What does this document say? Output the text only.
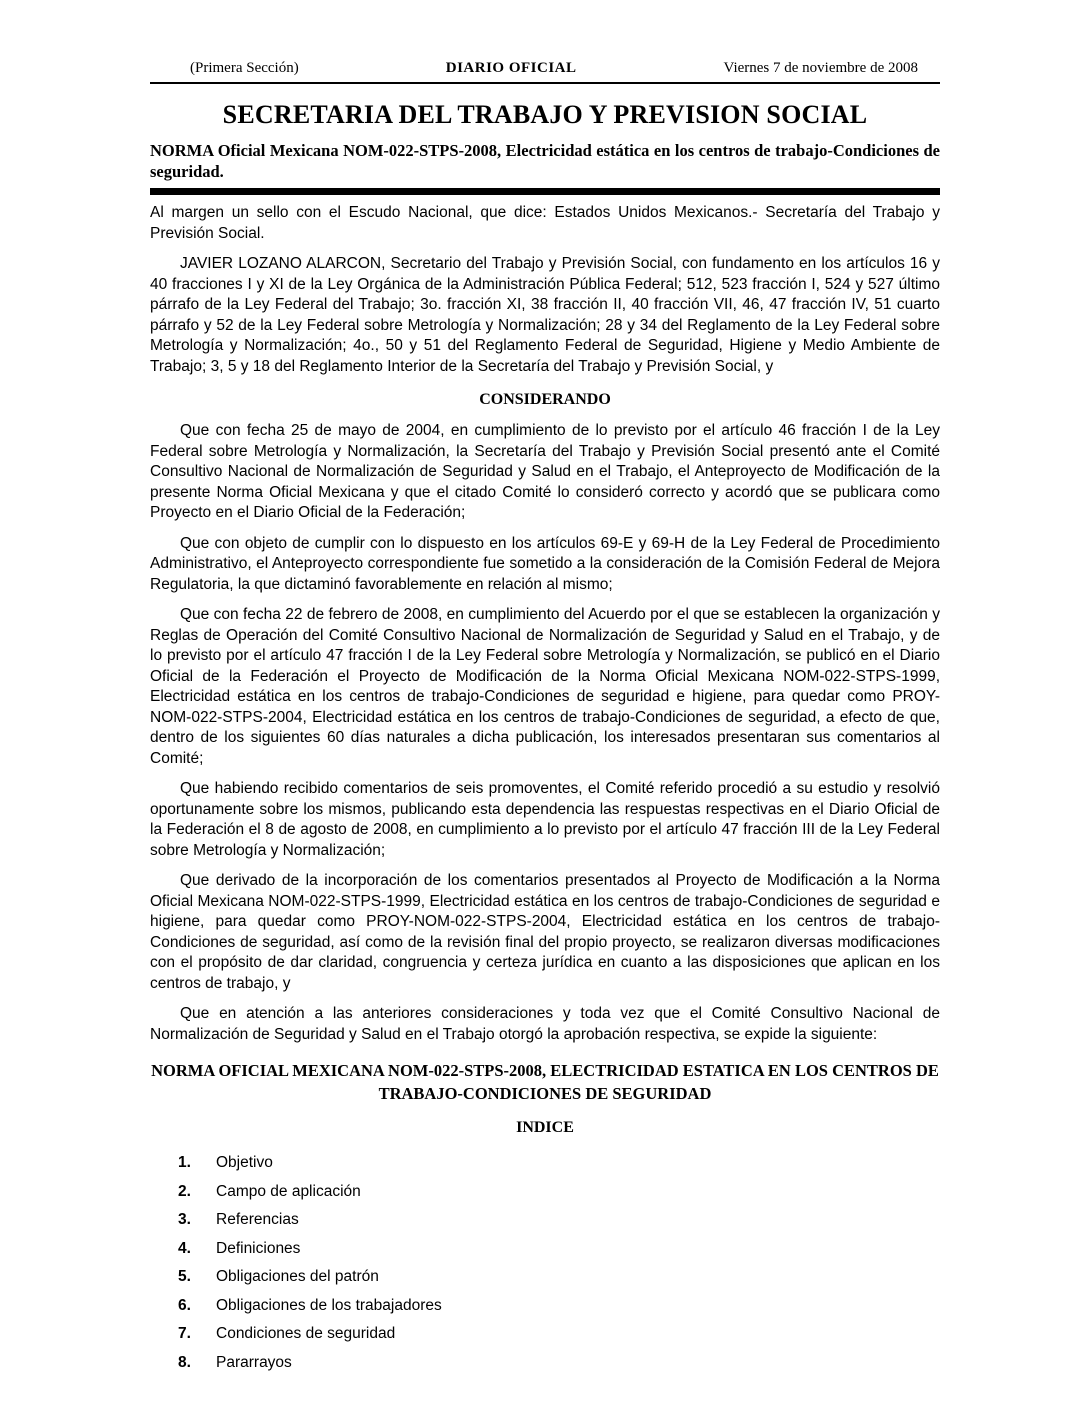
(Primera Sección)	DIARIO OFICIAL	Viernes 7 de noviembre de 2008
SECRETARIA DEL TRABAJO Y PREVISION SOCIAL

NORMA Oficial Mexicana NOM-022-STPS-2008, Electricidad estática en los centros de trabajo-Condiciones de seguridad.

Al margen un sello con el Escudo Nacional, que dice: Estados Unidos Mexicanos.- Secretaría del Trabajo y Previsión Social.

JAVIER LOZANO ALARCON, Secretario del Trabajo y Previsión Social, con fundamento en los artículos 16 y 40 fracciones I y XI de la Ley Orgánica de la Administración Pública Federal; 512, 523 fracción I, 524 y 527 último párrafo de la Ley Federal del Trabajo; 3o. fracción XI, 38 fracción II, 40 fracción VII, 46, 47 fracción IV, 51 cuarto párrafo y 52 de la Ley Federal sobre Metrología y Normalización; 28 y 34 del Reglamento de la Ley Federal sobre Metrología y Normalización; 4o., 50 y 51 del Reglamento Federal de Seguridad, Higiene y Medio Ambiente de Trabajo; 3, 5 y 18 del Reglamento Interior de la Secretaría del Trabajo y Previsión Social, y

CONSIDERANDO

Que con fecha 25 de mayo de 2004, en cumplimiento de lo previsto por el artículo 46 fracción I de la Ley Federal sobre Metrología y Normalización, la Secretaría del Trabajo y Previsión Social presentó ante el Comité Consultivo Nacional de Normalización de Seguridad y Salud en el Trabajo, el Anteproyecto de Modificación de la presente Norma Oficial Mexicana y que el citado Comité lo consideró correcto y acordó que se publicara como Proyecto en el Diario Oficial de la Federación;

Que con objeto de cumplir con lo dispuesto en los artículos 69-E y 69-H de la Ley Federal de Procedimiento Administrativo, el Anteproyecto correspondiente fue sometido a la consideración de la Comisión Federal de Mejora Regulatoria, la que dictaminó favorablemente en relación al mismo;

Que con fecha 22 de febrero de 2008, en cumplimiento del Acuerdo por el que se establecen la organización y Reglas de Operación del Comité Consultivo Nacional de Normalización de Seguridad y Salud en el Trabajo, y de lo previsto por el artículo 47 fracción I de la Ley Federal sobre Metrología y Normalización, se publicó en el Diario Oficial de la Federación el Proyecto de Modificación de la Norma Oficial Mexicana NOM-022-STPS-1999, Electricidad estática en los centros de trabajo-Condiciones de seguridad e higiene, para quedar como PROY-NOM-022-STPS-2004, Electricidad estática en los centros de trabajo-Condiciones de seguridad, a efecto de que, dentro de los siguientes 60 días naturales a dicha publicación, los interesados presentaran sus comentarios al Comité;

Que habiendo recibido comentarios de seis promoventes, el Comité referido procedió a su estudio y resolvió oportunamente sobre los mismos, publicando esta dependencia las respuestas respectivas en el Diario Oficial de la Federación el 8 de agosto de 2008, en cumplimiento a lo previsto por el artículo 47 fracción III de la Ley Federal sobre Metrología y Normalización;

Que derivado de la incorporación de los comentarios presentados al Proyecto de Modificación a la Norma Oficial Mexicana NOM-022-STPS-1999, Electricidad estática en los centros de trabajo-Condiciones de seguridad e higiene, para quedar como PROY-NOM-022-STPS-2004, Electricidad estática en los centros de trabajo-Condiciones de seguridad, así como de la revisión final del propio proyecto, se realizaron diversas modificaciones con el propósito de dar claridad, congruencia y certeza jurídica en cuanto a las disposiciones que aplican en los centros de trabajo, y

Que en atención a las anteriores consideraciones y toda vez que el Comité Consultivo Nacional de Normalización de Seguridad y Salud en el Trabajo otorgó la aprobación respectiva, se expide la siguiente:

NORMA OFICIAL MEXICANA NOM-022-STPS-2008, ELECTRICIDAD ESTATICA EN LOS CENTROS DE TRABAJO-CONDICIONES DE SEGURIDAD
INDICE
1.	Objetivo
2.	Campo de aplicación
3.	Referencias
4.	Definiciones
5.	Obligaciones del patrón
6.	Obligaciones de los trabajadores
7.	Condiciones de seguridad
8.	Pararrayos
